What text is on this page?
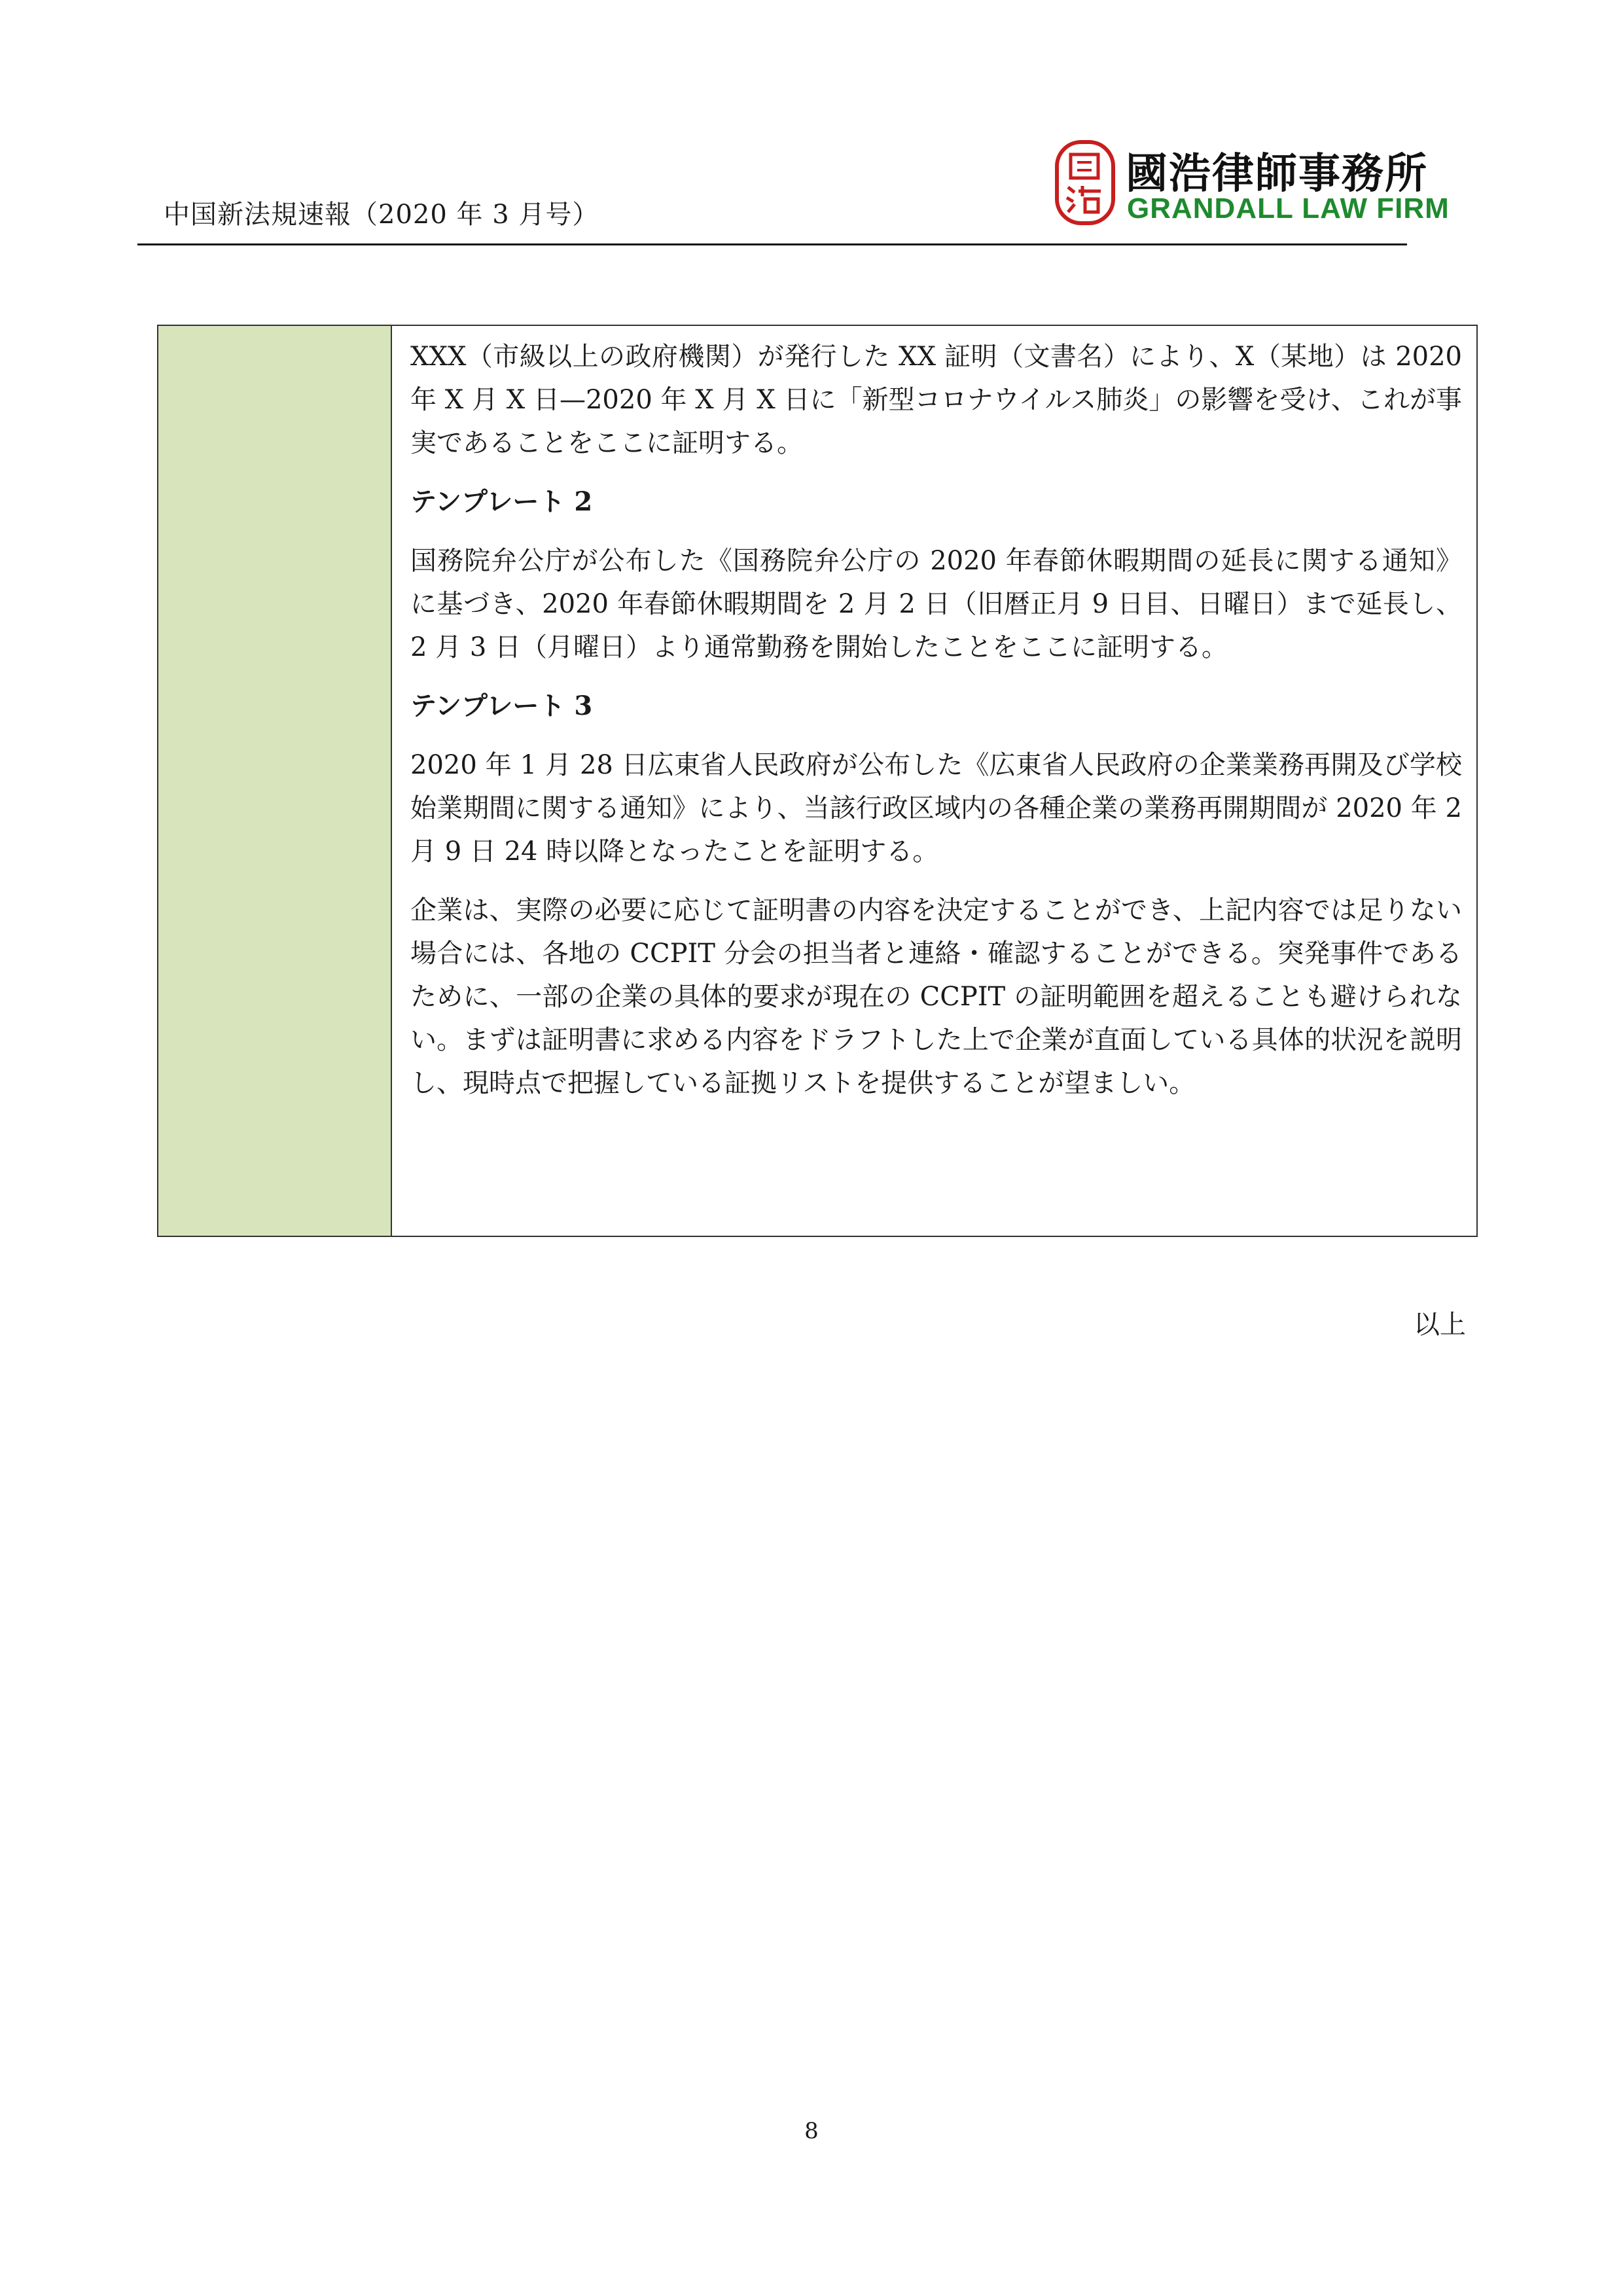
中国新法規速報（2020 年 3 月号）
國浩律師事務所
GRANDALL LAW FIRM

XXX（市級以上の政府機関）が発行した XX 証明（文書名）により、X（某地）は 2020 年 X 月 X 日—2020 年 X 月 X 日に「新型コロナウイルス肺炎」の影響を受け、これが事実であることをここに証明する。

テンプレート 2

国務院弁公庁が公布した《国務院弁公庁の 2020 年春節休暇期間の延長に関する通知》に基づき、2020 年春節休暇期間を 2 月 2 日（旧暦正月 9 日目、日曜日）まで延長し、2 月 3 日（月曜日）より通常勤務を開始したことをここに証明する。

テンプレート 3

2020 年 1 月 28 日広東省人民政府が公布した《広東省人民政府の企業業務再開及び学校始業期間に関する通知》により、当該行政区域内の各種企業の業務再開期間が 2020 年 2 月 9 日 24 時以降となったことを証明する。

企業は、実際の必要に応じて証明書の内容を決定することができ、上記内容では足りない場合には、各地の CCPIT 分会の担当者と連絡・確認することができる。突発事件であるために、一部の企業の具体的要求が現在の CCPIT の証明範囲を超えることも避けられない。まずは証明書に求める内容をドラフトした上で企業が直面している具体的状況を説明し、現時点で把握している証拠リストを提供することが望ましい。

以上
8
